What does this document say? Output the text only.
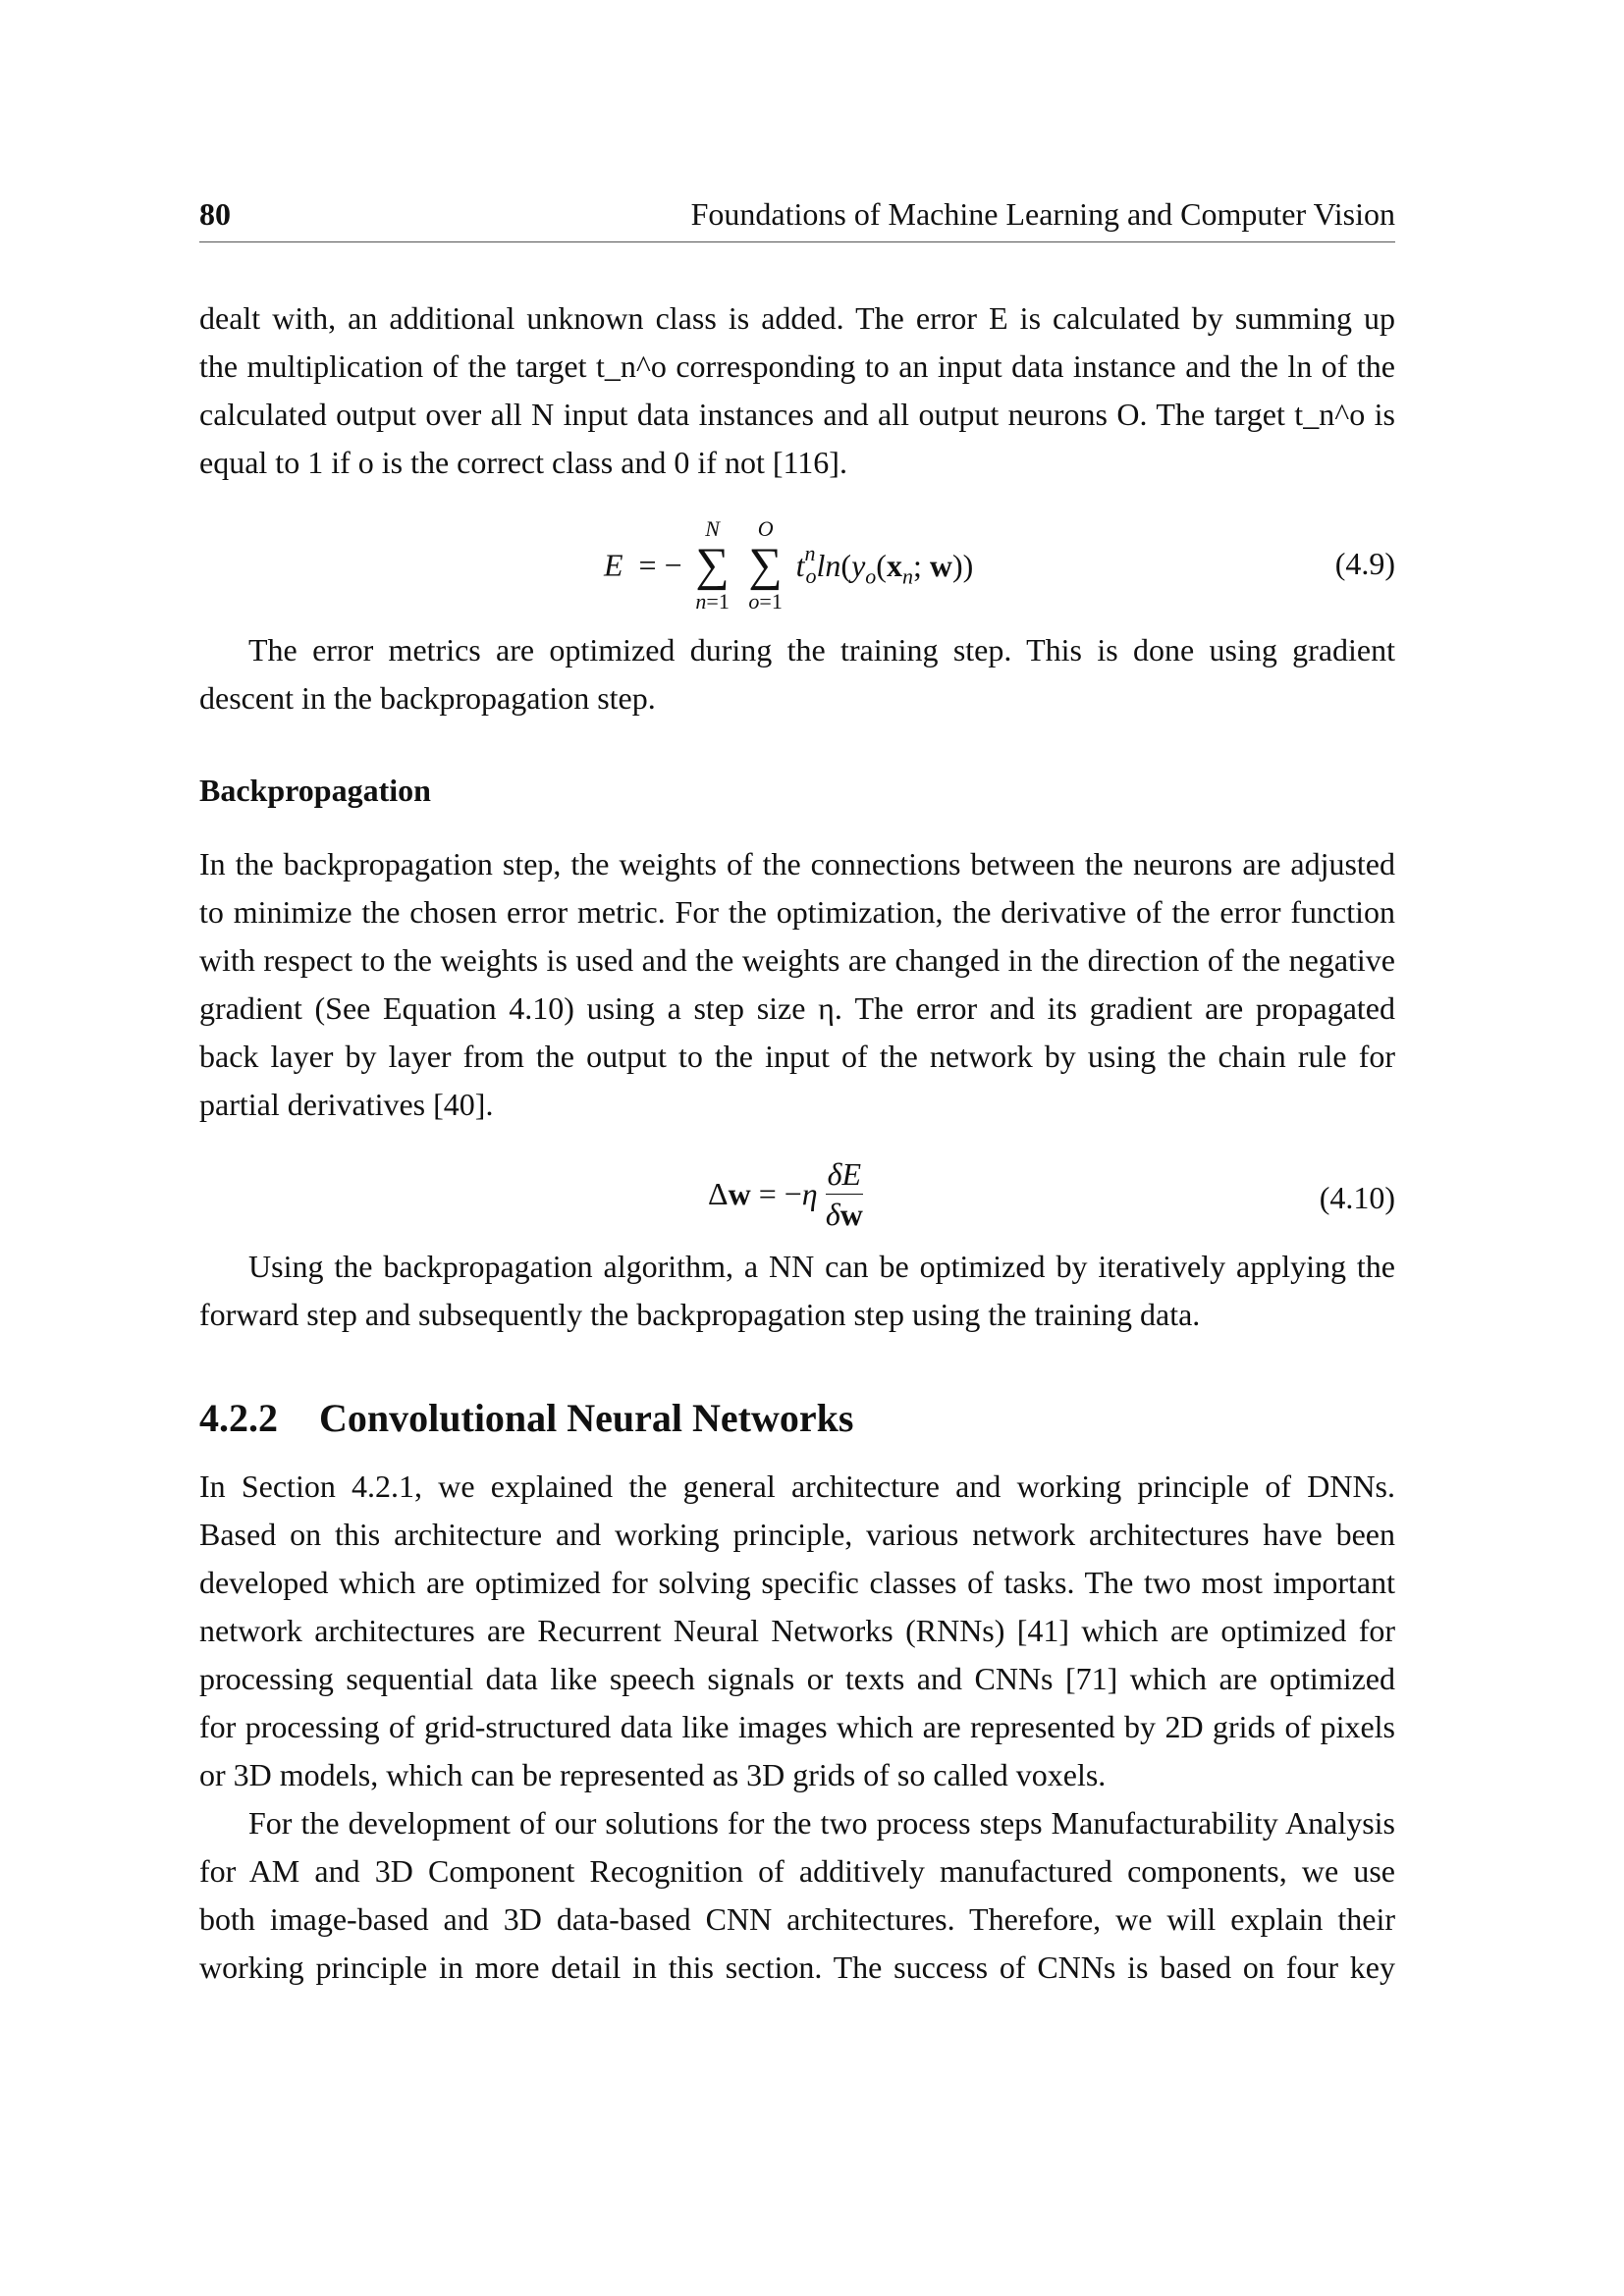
80	Foundations of Machine Learning and Computer Vision
dealt with, an additional unknown class is added. The error E is calculated by summing up
the multiplication of the target t_n^o corresponding to an input data instance and the ln of the
calculated output over all N input data instances and all output neurons O. The target t_n^o is
equal to 1 if o is the correct class and 0 if not [116].
E  = −
N
∑
n=1

O
∑
o=1
$t^n_o\ln(y_o(x_n$; w))	(4.9)
The error metrics are optimized during the training step. This is done using gradient
descent in the backpropagation step.
Backpropagation
In the backpropagation step, the weights of the connections between the neurons are adjusted
to minimize the chosen error metric. For the optimization, the derivative of the error function
with respect to the weights is used and the weights are changed in the direction of the negative
gradient (See Equation 4.10) using a step size η. The error and its gradient are propagated
back layer by layer from the output to the input of the network by using the chain rule for
partial derivatives [40].
$\Delta w = -\eta \frac{\delta E}{\delta w}$	(4.10)
Using the backpropagation algorithm, a NN can be optimized by iteratively applying the
forward step and subsequently the backpropagation step using the training data.
4.2.2 Convolutional Neural Networks
In Section 4.2.1, we explained the general architecture and working principle of DNNs.
Based on this architecture and working principle, various network architectures have been
developed which are optimized for solving specific classes of tasks. The two most important
network architectures are Recurrent Neural Networks (RNNs) [41] which are optimized for
processing sequential data like speech signals or texts and CNNs [71] which are optimized
for processing of grid-structured data like images which are represented by 2D grids of pixels
or 3D models, which can be represented as 3D grids of so called voxels.
For the development of our solutions for the two process steps Manufacturability Analysis
for AM and 3D Component Recognition of additively manufactured components, we use
both image-based and 3D data-based CNN architectures. Therefore, we will explain their
working principle in more detail in this section. The success of CNNs is based on four key
